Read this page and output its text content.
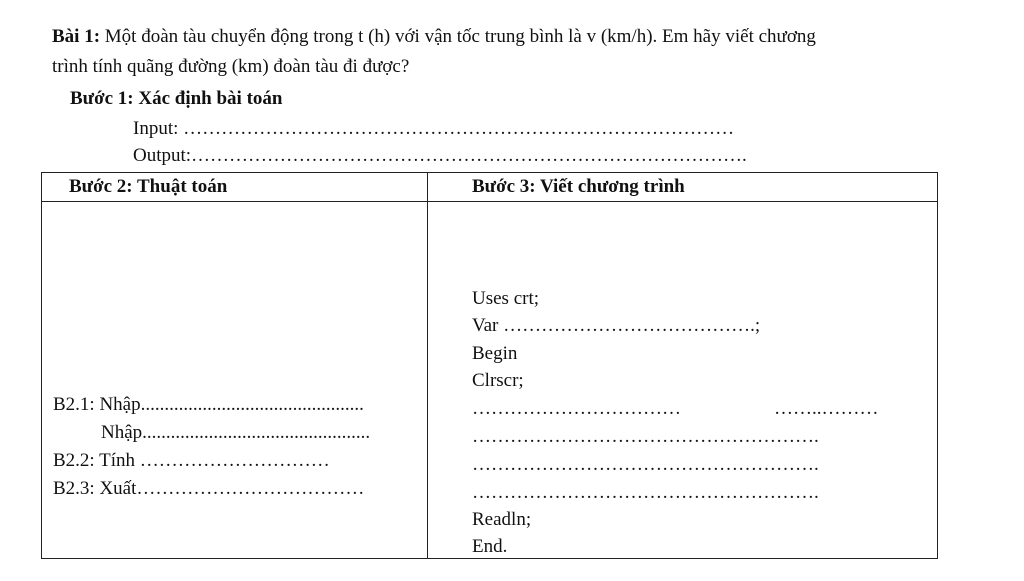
Bài 1: Một đoàn tàu chuyển động trong t (h) với vận tốc trung bình là v (km/h). Em hãy viết chương
trình tính quãng đường (km) đoàn tàu đi được?
Bước 1: Xác định bài toán
Input: ……………………………………………………………………………
Output:…………………………………………………………………………….
Bước 2: Thuật toán	Bước 3: Viết chương trình
B2.1: Nhập...............................................
Nhập................................................
B2.2: Tính …………………………
B2.3: Xuất………………………………
Uses crt;
Var ………………………………….;
Begin
Clrscr;
……………………………	……..………
……………………………………………….
……………………………………………….
……………………………………………….
Readln;
End.
